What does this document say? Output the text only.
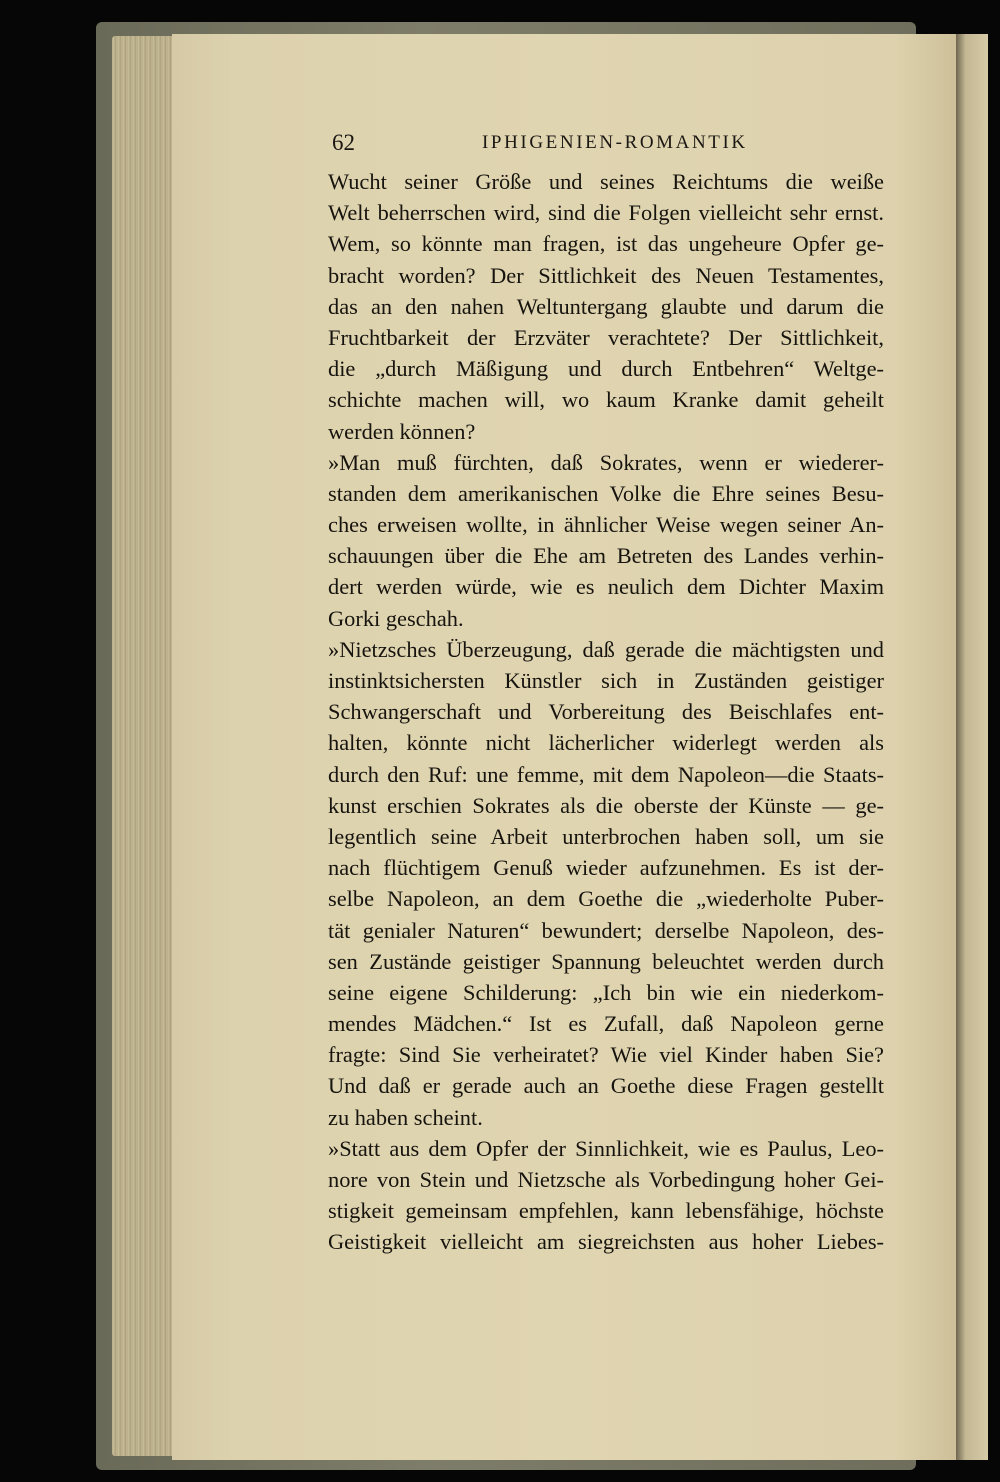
62	IPHIGENIEN-ROMANTIK
Wucht seiner Größe und seines Reichtums die weiße
Welt beherrschen wird, sind die Folgen vielleicht sehr ernst.
Wem, so könnte man fragen, ist das ungeheure Opfer ge-
bracht worden? Der Sittlichkeit des Neuen Testamentes,
das an den nahen Weltuntergang glaubte und darum die
Fruchtbarkeit der Erzväter verachtete? Der Sittlichkeit,
die „durch Mäßigung und durch Entbehren“ Weltge-
schichte machen will, wo kaum Kranke damit geheilt
werden können?
»Man muß fürchten, daß Sokrates, wenn er wiederer-
standen dem amerikanischen Volke die Ehre seines Besu-
ches erweisen wollte, in ähnlicher Weise wegen seiner An-
schauungen über die Ehe am Betreten des Landes verhin-
dert werden würde, wie es neulich dem Dichter Maxim
Gorki geschah.
»Nietzsches Überzeugung, daß gerade die mächtigsten und
instinktsichersten Künstler sich in Zuständen geistiger
Schwangerschaft und Vorbereitung des Beischlafes ent-
halten, könnte nicht lächerlicher widerlegt werden als
durch den Ruf: une femme, mit dem Napoleon—die Staats-
kunst erschien Sokrates als die oberste der Künste — ge-
legentlich seine Arbeit unterbrochen haben soll, um sie
nach flüchtigem Genuß wieder aufzunehmen. Es ist der-
selbe Napoleon, an dem Goethe die „wiederholte Puber-
tät genialer Naturen“ bewundert; derselbe Napoleon, des-
sen Zustände geistiger Spannung beleuchtet werden durch
seine eigene Schilderung: „Ich bin wie ein niederkom-
mendes Mädchen.“ Ist es Zufall, daß Napoleon gerne
fragte: Sind Sie verheiratet? Wie viel Kinder haben Sie?
Und daß er gerade auch an Goethe diese Fragen gestellt
zu haben scheint.
»Statt aus dem Opfer der Sinnlichkeit, wie es Paulus, Leo-
nore von Stein und Nietzsche als Vorbedingung hoher Gei-
stigkeit gemeinsam empfehlen, kann lebensfähige, höchste
Geistigkeit vielleicht am siegreichsten aus hoher Liebes-
